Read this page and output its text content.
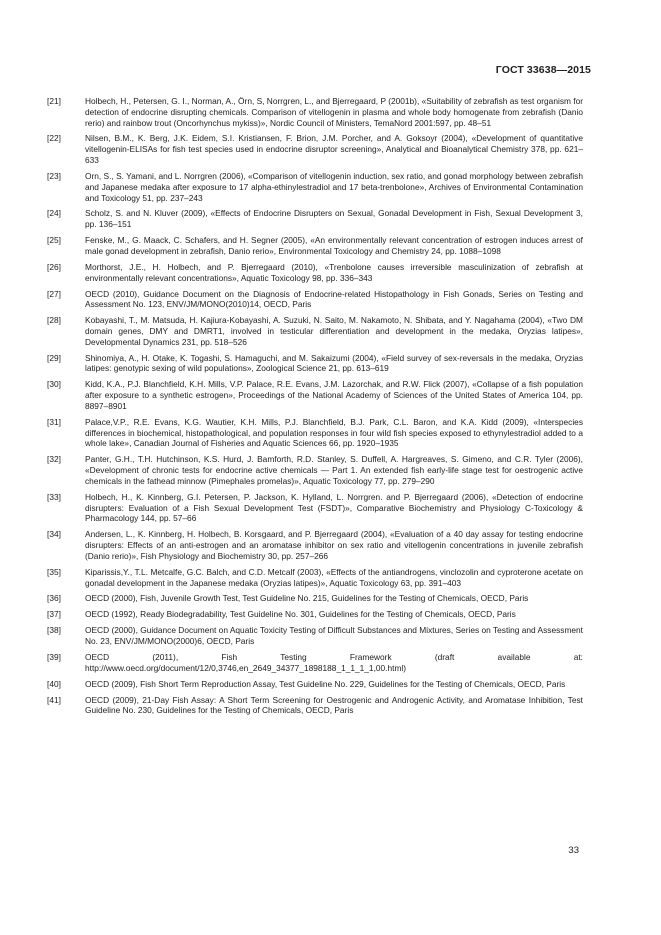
ГОСТ 33638—2015
[21]	Holbech, H., Petersen, G. I., Norman, A., Örn, S, Norrgren, L., and Bjerregaard, P (2001b), «Suitability of zebrafish as test organism for detection of endocrine disrupting chemicals. Comparison of vitellogenin in plasma and whole body homogenate from zebrafish (Danio rerio) and rainbow trout (Oncorhynchus mykiss)», Nordic Council of Ministers, TemaNord 2001:597, pp. 48–51
[22]	Nilsen, B.M., K. Berg, J.K. Eidem, S.I. Kristiansen, F. Brion, J.M. Porcher, and A. Goksoyr (2004), «Development of quantitative vitellogenin-ELISAs for fish test species used in endocrine disruptor screening», Analytical and Bioanalytical Chemistry 378, pp. 621–633
[23]	Orn, S., S. Yamani, and L. Norrgren (2006), «Comparison of vitellogenin induction, sex ratio, and gonad morphology between zebrafish and Japanese medaka after exposure to 17 alpha-ethinylestradiol and 17 beta-trenbolone», Archives of Environmental Contamination and Toxicology 51, pp. 237–243
[24]	Scholz, S. and N. Kluver (2009), «Effects of Endocrine Disrupters on Sexual, Gonadal Development in Fish, Sexual Development 3, pp. 136–151
[25]	Fenske, M., G. Maack, C. Schafers, and H. Segner (2005), «An environmentally relevant concentration of estrogen induces arrest of male gonad development in zebrafish, Danio rerio», Environmental Toxicology and Chemistry 24, pp. 1088–1098
[26]	Morthorst, J.E., H. Holbech, and P. Bjerregaard (2010), «Trenbolone causes irreversible masculinization of zebrafish at environmentally relevant concentrations», Aquatic Toxicology 98, pp. 336–343
[27]	OECD (2010), Guidance Document on the Diagnosis of Endocrine-related Histopathology in Fish Gonads, Series on Testing and Assessment No. 123, ENV/JM/MONO(2010)14, OECD, Paris
[28]	Kobayashi, T., M. Matsuda, H. Kajiura-Kobayashi, A. Suzuki, N. Saito, M. Nakamoto, N. Shibata, and Y. Nagahama (2004), «Two DM domain genes, DMY and DMRT1, involved in testicular differentiation and development in the medaka, Oryzias latipes», Developmental Dynamics 231, pp. 518–526
[29]	Shinomiya, A., H. Otake, K. Togashi, S. Hamaguchi, and M. Sakaizumi (2004), «Field survey of sex-reversals in the medaka, Oryzias latipes: genotypic sexing of wild populations», Zoological Science 21, pp. 613–619
[30]	Kidd, K.A., P.J. Blanchfield, K.H. Mills, V.P. Palace, R.E. Evans, J.M. Lazorchak, and R.W. Flick (2007), «Collapse of a fish population after exposure to a synthetic estrogen», Proceedings of the National Academy of Sciences of the United States of America 104, pp. 8897–8901
[31]	Palace,V.P., R.E. Evans, K.G. Wautier, K.H. Mills, P.J. Blanchfield, B.J. Park, C.L. Baron, and K.A. Kidd (2009), «Interspecies differences in biochemical, histopathological, and population responses in four wild fish species exposed to ethynylestradiol added to a whole lake», Canadian Journal of Fisheries and Aquatic Sciences 66, pp. 1920–1935
[32]	Panter, G.H., T.H. Hutchinson, K.S. Hurd, J. Bamforth, R.D. Stanley, S. Duffell, A. Hargreaves, S. Gimeno, and C.R. Tyler (2006), «Development of chronic tests for endocrine active chemicals — Part 1. An extended fish early-life stage test for oestrogenic active chemicals in the fathead minnow (Pimephales promelas)», Aquatic Toxicology 77, pp. 279–290
[33]	Holbech, H., K. Kinnberg, G.I. Petersen, P. Jackson, K. Hylland, L. Norrgren. and P. Bjerregaard (2006), «Detection of endocrine disrupters: Evaluation of a Fish Sexual Development Test (FSDT)», Comparative Biochemistry and Physiology C-Toxicology & Pharmacology 144, pp. 57–66
[34]	Andersen, L., K. Kinnberg, H. Holbech, B. Korsgaard, and P. Bjerregaard (2004), «Evaluation of a 40 day assay for testing endocrine disrupters: Effects of an anti-estrogen and an aromatase inhibitor on sex ratio and vitellogenin concentrations in juvenile zebrafish (Danio rerio)», Fish Physiology and Biochemistry 30, pp. 257–266
[35]	Kiparissis,Y., T.L. Metcalfe, G.C. Balch, and C.D. Metcalf (2003), «Effects of the antiandrogens, vinclozolin and cyproterone acetate on gonadal development in the Japanese medaka (Oryzias latipes)», Aquatic Toxicology 63, pp. 391–403
[36]	OECD (2000), Fish, Juvenile Growth Test, Test Guideline No. 215, Guidelines for the Testing of Chemicals, OECD, Paris
[37]	OECD (1992), Ready Biodegradability, Test Guideline No. 301, Guidelines for the Testing of Chemicals, OECD, Paris
[38]	OECD (2000), Guidance Document on Aquatic Toxicity Testing of Difficult Substances and Mixtures, Series on Testing and Assessment No. 23, ENV/JM/MONO(2000)6, OECD, Paris
[39]	OECD (2011), Fish Testing Framework (draft available at: http://www.oecd.org/document/12/0,3746,en_2649_34377_1898188_1_1_1_1,00.html)
[40]	OECD (2009), Fish Short Term Reproduction Assay, Test Guideline No. 229, Guidelines for the Testing of Chemicals, OECD, Paris
[41]	OECD (2009), 21-Day Fish Assay: A Short Term Screening for Oestrogenic and Androgenic Activity, and Aromatase Inhibition, Test Guideline No. 230, Guidelines for the Testing of Chemicals, OECD, Paris
33
